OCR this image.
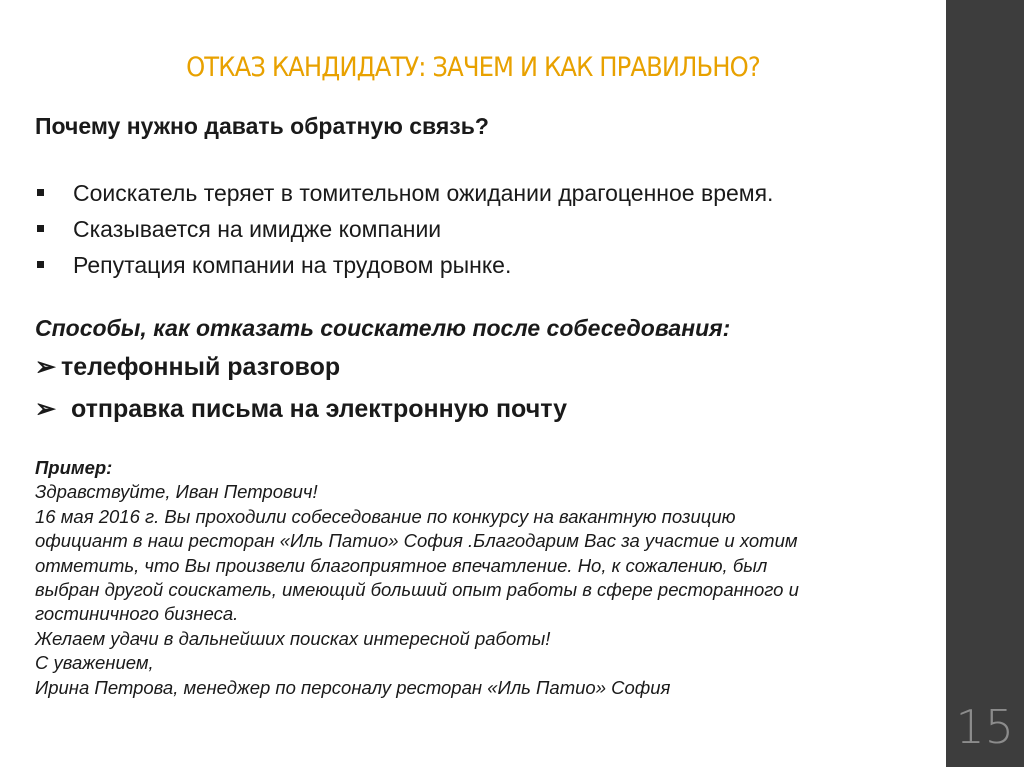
ОТКАЗ КАНДИДАТУ: ЗАЧЕМ И КАК ПРАВИЛЬНО?
Почему нужно давать обратную связь?
Соискатель теряет в томительном ожидании драгоценное время.
Сказывается на имидже компании
Репутация компании на трудовом рынке.
Способы, как отказать соискателю после собеседования:
➢ телефонный разговор
➢ отправка письма на электронную почту

Пример:

Здравствуйте, Иван Петрович!

16 мая 2016 г. Вы проходили собеседование по конкурсу на вакантную позицию

официант в наш ресторан «Иль Патио» София .Благодарим Вас за участие и хотим

отметить, что Вы произвели благоприятное впечатление. Но, к сожалению, был

выбран другой соискатель, имеющий больший опыт работы в сфере ресторанного и

гостиничного бизнеса.

Желаем удачи в дальнейших поисках интересной работы!

С уважением,

Ирина Петрова, менеджер по персоналу ресторан «Иль Патио» София

15
